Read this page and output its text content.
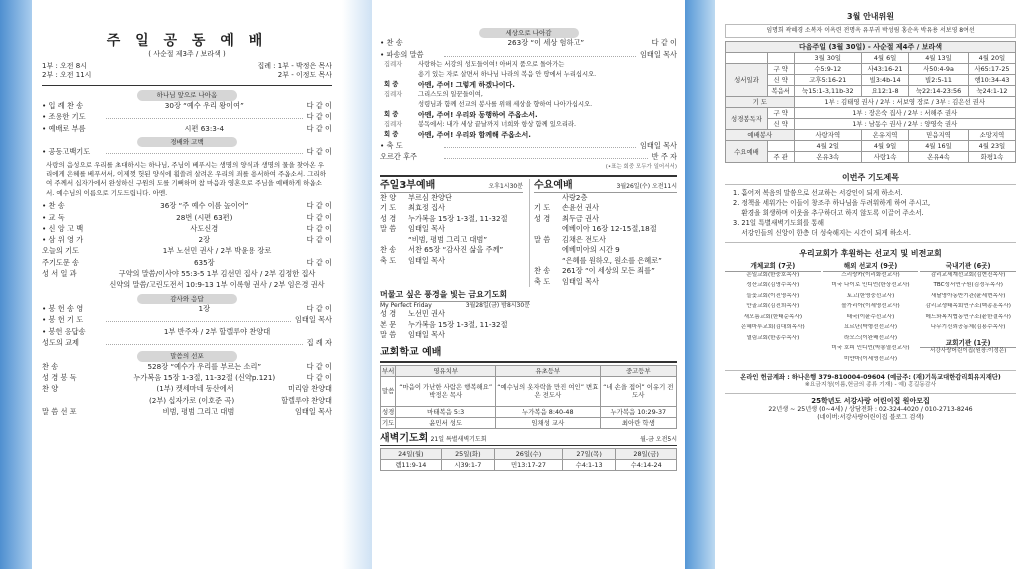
주 일 공 동 예 배
( 사순절 제3주 / 보라색 )
1부 : 오전 8시
2부 : 오전 11시
집례 : 1부 - 박정은 목사
2부 - 이정도 목사
하나님 앞으로 나아옴
• 입 례 찬 송	30장 “예수 우리 왕이여”	다 같 이
• 조용한 기도	다 같 이
• 예배로 부름	시편 63:3-4	다 같 이
경배와 고백
• 공동고백기도	다 같 이
사랑의 음성으로 우리를 초대하시는 하나님, 주님이 베푸시는 생명의 양식과 생명의 물을 찾아온 우리에게 은혜를 베푸셔서, 이제껏 헛된 양식에 휩쓸려 살려온 우리의 죄를 용서하여 주옵소서. 그리하여 주께서 십자가에서 완성하신 구원의 도를 기뻐하며 참 마음과 영혼으로 주님을 예배하게 하옵소서. 예수님의 이름으로 기도드립니다. 아멘.
• 찬 송	36장 “주 예수 이름 높이어”	다 같 이
• 교 독	28번 (시편 63편)	다 같 이
• 신 앙 고 백	사도신경	다 같 이
• 삼 위 영 가	2장	다 같 이
오늘의 기도	1부 노선민 권사 / 2부 박윤용 장로
주기도문 송	635장	다 같 이
성 서 일 과	구약의 말씀/이사야 55:3-5 1부 김선민 집사 / 2부 김정한 집사
신약의 말씀/고린도전서 10:9-13 1부 이록형 권사 / 2부 임은경 권사
감사와 응답
• 봉 헌 송 영	1장	다 같 이
• 봉 헌 기 도	임태일 목사
• 봉헌 응답송	1부 반주자 / 2부 할렐루야 찬양대
성도의 교제	집 례 자
말씀의 선포
찬 송	528장 “예수가 우리를 부르는 소리”	다 같 이
성 경 봉 독	누가복음 15장 1-3절, 11-32절 (신약p.121)	다 같 이
찬 양	(1부) 켓세마네 동산에서	미리암 찬양대
(2부) 십자가로 (이호준 곡)	할렐루야 찬양대
말 씀 선 포	비범, 평범 그리고 대범	임태일 목사
세상으로 나아감
• 찬 송	263장 “이 세상 험하고”	다 같 이
• 파송의 말씀	임태일 목사
집례자	사랑하는 서강의 성도들이여! 아버지 품으로 돌아가는
용기 있는 자로 살면서 하나님 나라의 복음 안 땅에서 누리십시오.
회 중	아멘, 주여! 그렇게 하겠나이다.
집례자	그리스도의 일꾼들이여,
성령님과 함께 선교의 봉사를 위해 세상을 향하여 나아가십시오.
회 중	아멘, 주여! 우리와 동행하여 주옵소서.
집례자	봉독에서: 내가 세상 끝날까지 너희와 항상 함께 있으리라.
회 중	아멘, 주여! 우리와 함께해 주옵소서.
• 축 도	임태일 목사
오르간 후주	반 주 자
(•표는 회중 모두가 일어서서)
주일3부예배	오후1시30분
찬 양	부르심 찬양단
기 도	최효정 집사
성 경	누가복음 15장 1-3절, 11-32절
말 씀	임태일 목사
“비범, 평범 그리고 대범”
찬 송	서찬 65장 “감사진 삶을 주께”
축 도	임태일 목사
수요예배	3월26일(수) 오전11시
사랑2층
기 도	손윤선 권사
성 경	최두금 권사
에베이아 16장 12-15절,18절
말 씀	김채은 전도사
에베미아의 시간 9
“은혜를 원하오, 원소를 은혜로”
찬 송	261장 “이 세상의 모든 죄를”
축 도	임태일 목사
머물고 싶은 풍경을 빛는 금요기도회
My Perfect Friday	3월28일(금) 밤8시30분
성 경	노선민 권사
본 문	누가복음 15장 1-3절, 11-32절
말 씀	임태일 목사
교회학교 예배
부서	영유치부	유초등부	중고등부
말씀	“마음이 가난한 사람은 행복해요” 박정은 목사	“예수님의 옷자락을 만진 여인” 변효은 전도사	“네 손을 접어” 이유기 전도사
성경	마태복음 5:3	누가복음 8:40-48	누가복음 10:29-37
기도	윤민서 성도	임채성 교사	최아란 학생
새벽기도회 21일 특별새벽기도회	월-금 오전5시
24일(월)	25일(화)	26일(수)	27일(목)	28일(금)
렘11:9-14	시39:1-7	민13:17-27	수4:1-13	수4:14-24
3월 안내위원
임명희 곽혜경 소복자 이옥련 전명옥 유부귀 박성림 홍순옥 박유용 서보영 8여선
다음주일 (3월 30일) - 사순절 제4주 / 보라색					
		3월 30일	4월 6일	4월 13일	4월 20일
성서일과	구 약	수5:9-12	사43:16-21	사50:4-9a	사65:17-25
	신 약	고후5:16-21	빌3:4b-14	빌2:5-11	행10:34-43
	복음서	눅15:1-3,11b-32	요12:1-8	눅22:14-23:56	눅24:1-12
기 도		1부 : 김태영 권사 / 2부 : 서보영 장로 / 3부 : 김은선 권사			
성경봉독자	구 약	1부 : 장은숙 집사 / 2부 : 서해주 권사			
	신 약	1부 : 남동수 권사 / 2부 : 양영숙 권사			
예배봉사		사랑자역	온유지역	믿음지역	소망지역
수요예배		4월 2일	4월 9일	4월 16일	4월 23일
	주 관	온유3속	사랑1속	온유4속	화평1속
이번주 기도제목
1. 흩어져 복음의 말씀으로 선교하는 서강인이 되게 하소서.
2. 정책을 세워가는 이들이 창조주 하나님을 두려워하게 하여 주시고,
환경을 회생하며 이웃을 추구하더고 하지 않도록 이끌어 주소서.
3. 21일 특별새벽기도회를 통해
서강인들의 신앙이 한층 더 성숙해지는 시간이 되게 하소서.
우리교회가 후원하는 선교지 및 비전교회
개체교회 (7곳)
은일교회(한중호목사)
성산교회(김영수목사)
들꽃교회(이진영목사)
안골교회(김진희목사)
새오름교회(한태순목사)
은혜마루교회(김대희목사)
열림교회(한종수목사)
해외 선교지 (9곳)
스리랑카(이리화선교사)
미국 나이로 인디언(한상선교사)
토고(한영중선교사)
볼가리아(이세영선교사)
태국(이윤수선교사)
요르단(박형선선교사)
라오스(이완배선교사)
미국 호피 인디언(박봉열선교사)
미얀마(이세영선교사)
국내기관 (6곳)
감리교세계선교회(김현진목사)
TBC성서연구원(김정두목사)
새날영아동반기관(윤세현목사)
감리교생태목회연구소(백종훈목사)
메드와복지협동연구소(윤한결목사)
나무기신뢰공동체(김용수목사)
교회기관 (1곳)
서강사랑어린이집(원장:이정은)
온라인 헌금계좌 : 하나은행 379-810004-09604 (예금주: (재)기독교대한감리회유지재단)
※요금지청(이름,헌금의 종류 기재) - 예) 홍길동감사
25학년도 서강사랑 어린이집 원아모집
22년생 ~ 25년생 (0~4세) / 상담전화 : 02-324-4020 / 010-2713-8246
(네이버:서강사랑어린이집 블로그 검색)
